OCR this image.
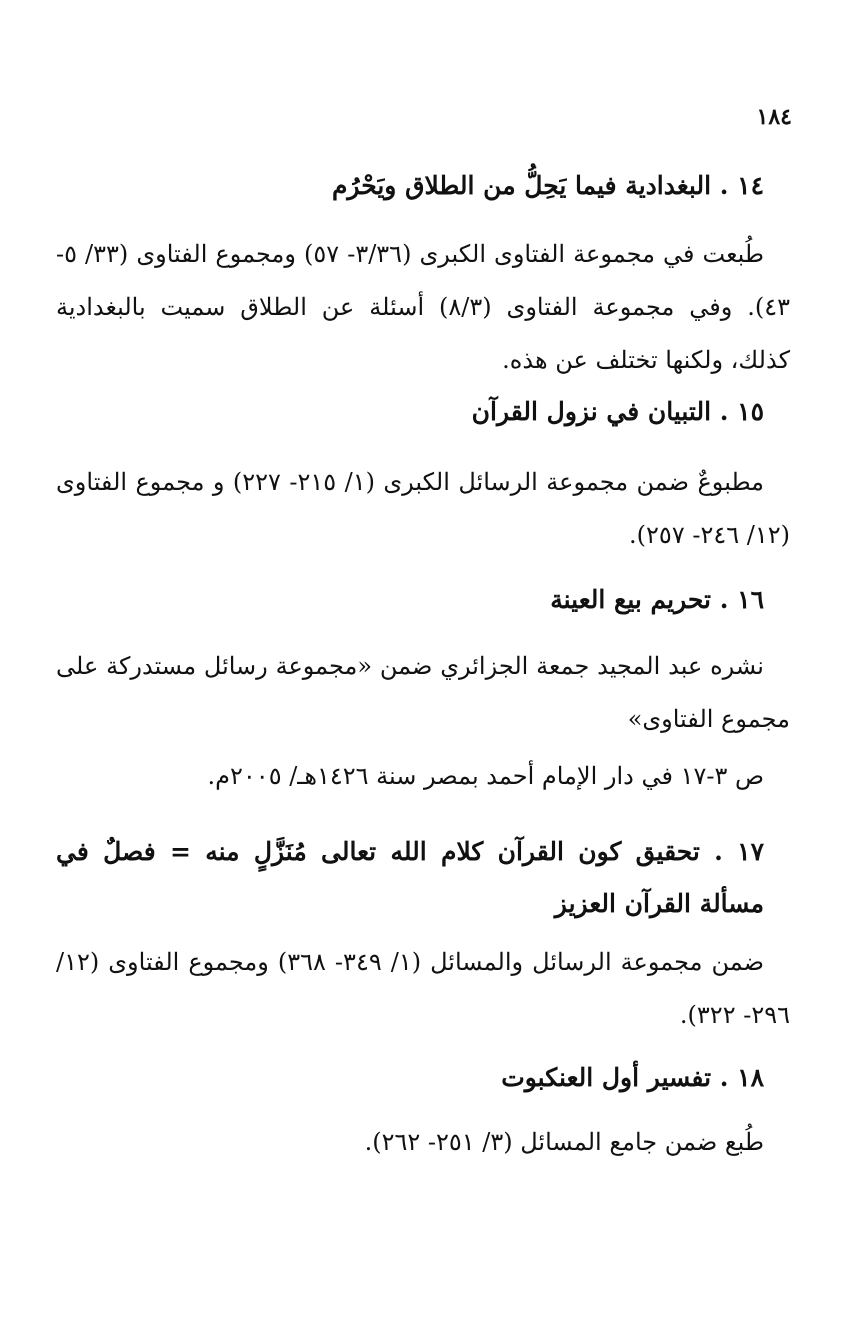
١٨٤
١٤ . البغدادية فيما يَحِلُّ من الطلاق ويَحْرُم
طُبعت في مجموعة الفتاوى الكبرى (٣/٣٦- ٥٧) ومجموع الفتاوى (٣٣/ ٥- ٤٣). وفي مجموعة الفتاوى (٨/٣) أسئلة عن الطلاق سميت بالبغدادية كذلك، ولكنها تختلف عن هذه.
١٥ . التبيان في نزول القرآن
مطبوعٌ ضمن مجموعة الرسائل الكبرى (١/ ٢١٥- ٢٢٧) و مجموع الفتاوى (١٢/ ٢٤٦- ٢٥٧).
١٦ . تحريم بيع العينة
نشره عبد المجيد جمعة الجزائري ضمن «مجموعة رسائل مستدركة على مجموع الفتاوى»
ص ٣-١٧ في دار الإمام أحمد بمصر سنة ١٤٢٦هـ/ ٢٠٠٥م.
١٧ . تحقيق كون القرآن كلام الله تعالى مُنَزَّلٍ منه = فصلٌ في مسألة القرآن العزيز
ضمن مجموعة الرسائل والمسائل (١/ ٣٤٩- ٣٦٨) ومجموع الفتاوى (١٢/ ٢٩٦- ٣٢٢).
١٨ . تفسير أول العنكبوت
طُبع ضمن جامع المسائل (٣/ ٢٥١- ٢٦٢).
